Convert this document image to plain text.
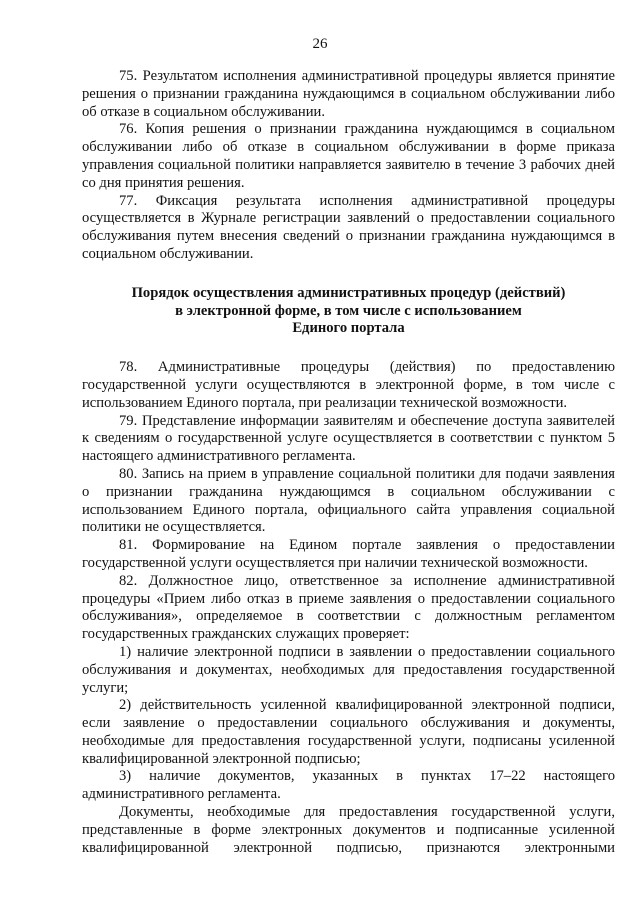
26

75. Результатом исполнения административной процедуры является принятие решения о признании гражданина нуждающимся в социальном обслуживании либо об отказе в социальном обслуживании.

76. Копия решения о признании гражданина нуждающимся в социальном обслуживании либо об отказе в социальном обслуживании в форме приказа управления социальной политики направляется заявителю в течение 3 рабочих дней со дня принятия решения.

77. Фиксация результата исполнения административной процедуры осуществляется в Журнале регистрации заявлений о предоставлении социального обслуживания путем внесения сведений о признании гражданина нуждающимся в социальном обслуживании.

Порядок осуществления административных процедур (действий)
в электронной форме, в том числе с использованием
Единого портала

78. Административные процедуры (действия) по предоставлению государственной услуги осуществляются в электронной форме, в том числе с использованием Единого портала, при реализации технической возможности.

79. Представление информации заявителям и обеспечение доступа заявителей к сведениям о государственной услуге осуществляется в соответствии с пунктом 5 настоящего административного регламента.

80. Запись на прием в управление социальной политики для подачи заявления о признании гражданина нуждающимся в социальном обслуживании с использованием Единого портала, официального сайта управления социальной политики не осуществляется.

81. Формирование на Едином портале заявления о предоставлении государственной услуги осуществляется при наличии технической возможности.

82. Должностное лицо, ответственное за исполнение административной процедуры «Прием либо отказ в приеме заявления о предоставлении социального обслуживания», определяемое в соответствии с должностным регламентом государственных гражданских служащих проверяет:

1) наличие электронной подписи в заявлении о предоставлении социального обслуживания и документах, необходимых для предоставления государственной услуги;

2) действительность усиленной квалифицированной электронной подписи, если заявление о предоставлении социального обслуживания и документы, необходимые для предоставления государственной услуги, подписаны усиленной квалифицированной электронной подписью;

3) наличие документов, указанных в пунктах 17–22 настоящего административного регламента.

Документы, необходимые для предоставления государственной услуги, представленные в форме электронных документов и подписанные усиленной квалифицированной электронной подписью, признаются электронными
